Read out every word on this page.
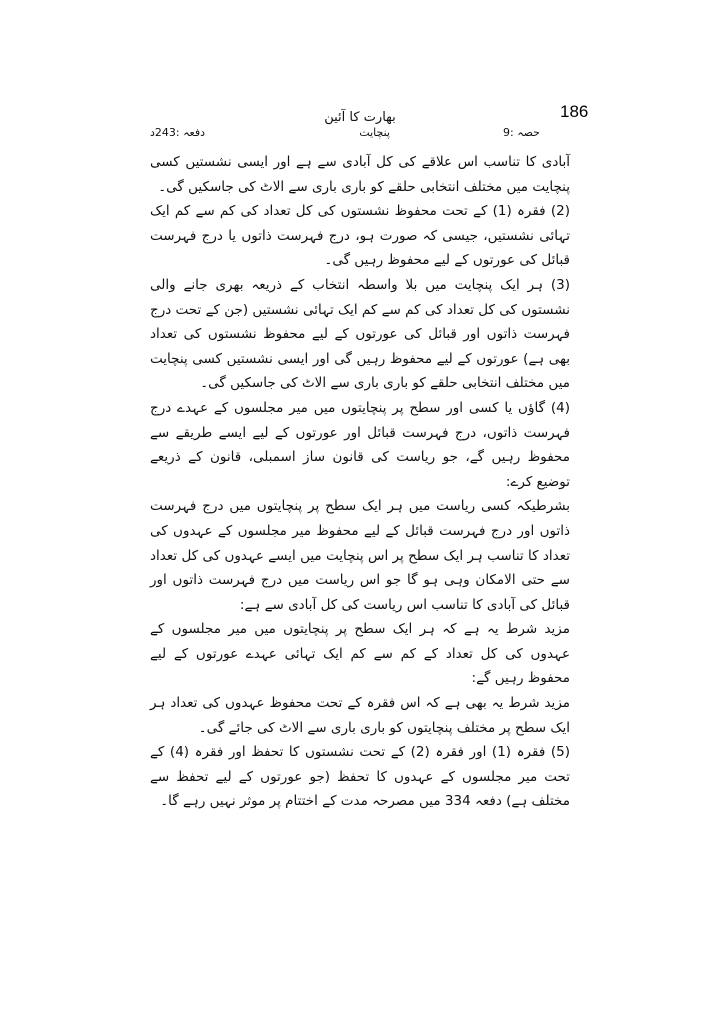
186
بھارت کا آئین
حصہ :9
پنچایت
دفعہ :243د

آبادی کا تناسب اس علاقے کی کل آبادی سے ہے اور ایسی نشستیں کسی پنچایت میں مختلف انتخابی حلقے کو باری باری سے الاٹ کی جاسکیں گی۔

(2) فقرہ (1) کے تحت محفوظ نشستوں کی کل تعداد کی کم سے کم ایک تہائی نشستیں، جیسی کہ صورت ہو، درج فہرست ذاتوں یا درج فہرست قبائل کی عورتوں کے لیے محفوظ رہیں گی۔

(3) ہر ایک پنچایت میں بلا واسطہ انتخاب کے ذریعہ بھری جانے والی نشستوں کی کل تعداد کی کم سے کم ایک تہائی نشستیں (جن کے تحت درج فہرست ذاتوں اور قبائل کی عورتوں کے لیے محفوظ نشستوں کی تعداد بھی ہے) عورتوں کے لیے محفوظ رہیں گی اور ایسی نشستیں کسی پنچایت میں مختلف انتخابی حلقے کو باری باری سے الاٹ کی جاسکیں گی۔

(4) گاؤں یا کسی اور سطح پر پنچایتوں میں میر مجلسوں کے عہدے درج فہرست ذاتوں، درج فہرست قبائل اور عورتوں کے لیے ایسے طریقے سے محفوظ رہیں گے، جو ریاست کی قانون ساز اسمبلی، قانون کے ذریعے توضیع کرے:

بشرطیکہ کسی ریاست میں ہر ایک سطح پر پنچایتوں میں درج فہرست ذاتوں اور درج فہرست قبائل کے لیے محفوظ میر مجلسوں کے عہدوں کی تعداد کا تناسب ہر ایک سطح پر اس پنچایت میں ایسے عہدوں کی کل تعداد سے حتی الامکان وہی ہو گا جو اس ریاست میں درج فہرست ذاتوں اور قبائل کی آبادی کا تناسب اس ریاست کی کل آبادی سے ہے:

مزید شرط یہ ہے کہ ہر ایک سطح پر پنچایتوں میں میر مجلسوں کے عہدوں کی کل تعداد کے کم سے کم ایک تہائی عہدے عورتوں کے لیے محفوظ رہیں گے:

مزید شرط یہ بھی ہے کہ اس فقرہ کے تحت محفوظ عہدوں کی تعداد ہر ایک سطح پر مختلف پنچایتوں کو باری باری سے الاٹ کی جائے گی۔

(5) فقرہ (1) اور فقرہ (2) کے تحت نشستوں کا تحفظ اور فقرہ (4) کے تحت میر مجلسوں کے عہدوں کا تحفظ (جو عورتوں کے لیے تحفظ سے مختلف ہے) دفعہ 334 میں مصرحہ مدت کے اختتام پر موثر نہیں رہے گا۔
